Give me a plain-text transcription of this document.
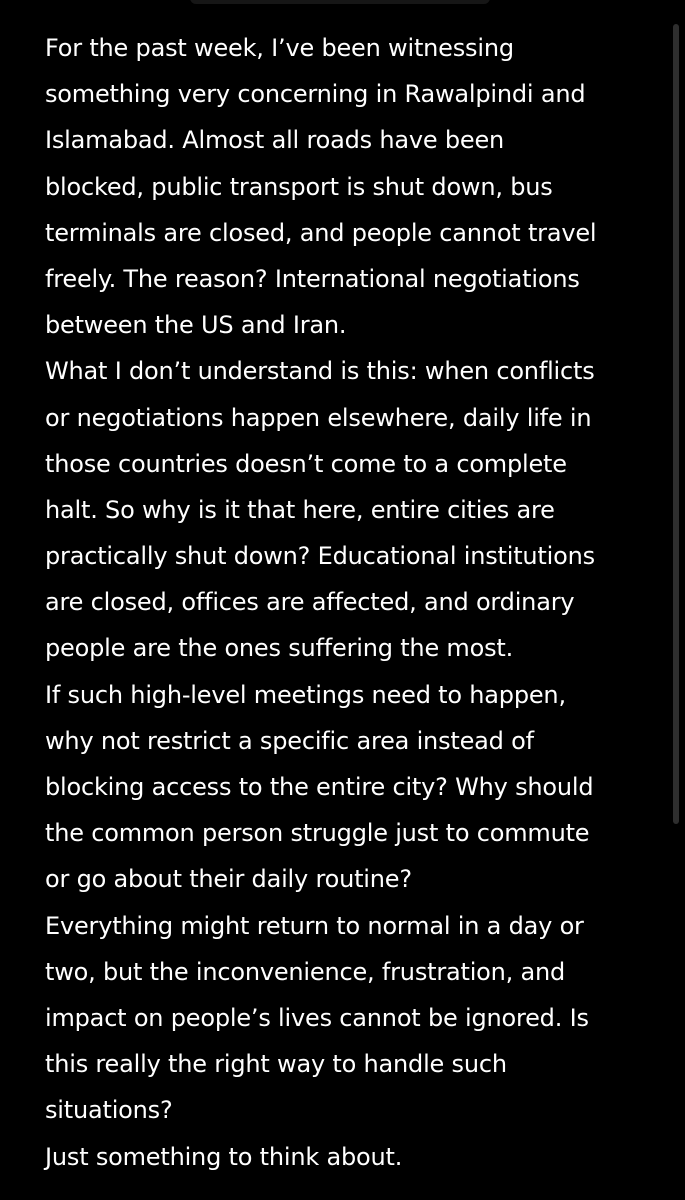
For the past week, I’ve been witnessing
something very concerning in Rawalpindi and
Islamabad. Almost all roads have been
blocked, public transport is shut down, bus
terminals are closed, and people cannot travel
freely. The reason? International negotiations
between the US and Iran.
What I don’t understand is this: when conflicts
or negotiations happen elsewhere, daily life in
those countries doesn’t come to a complete
halt. So why is it that here, entire cities are
practically shut down? Educational institutions
are closed, offices are affected, and ordinary
people are the ones suffering the most.
If such high-level meetings need to happen,
why not restrict a specific area instead of
blocking access to the entire city? Why should
the common person struggle just to commute
or go about their daily routine?
Everything might return to normal in a day or
two, but the inconvenience, frustration, and
impact on people’s lives cannot be ignored. Is
this really the right way to handle such
situations?
Just something to think about.
